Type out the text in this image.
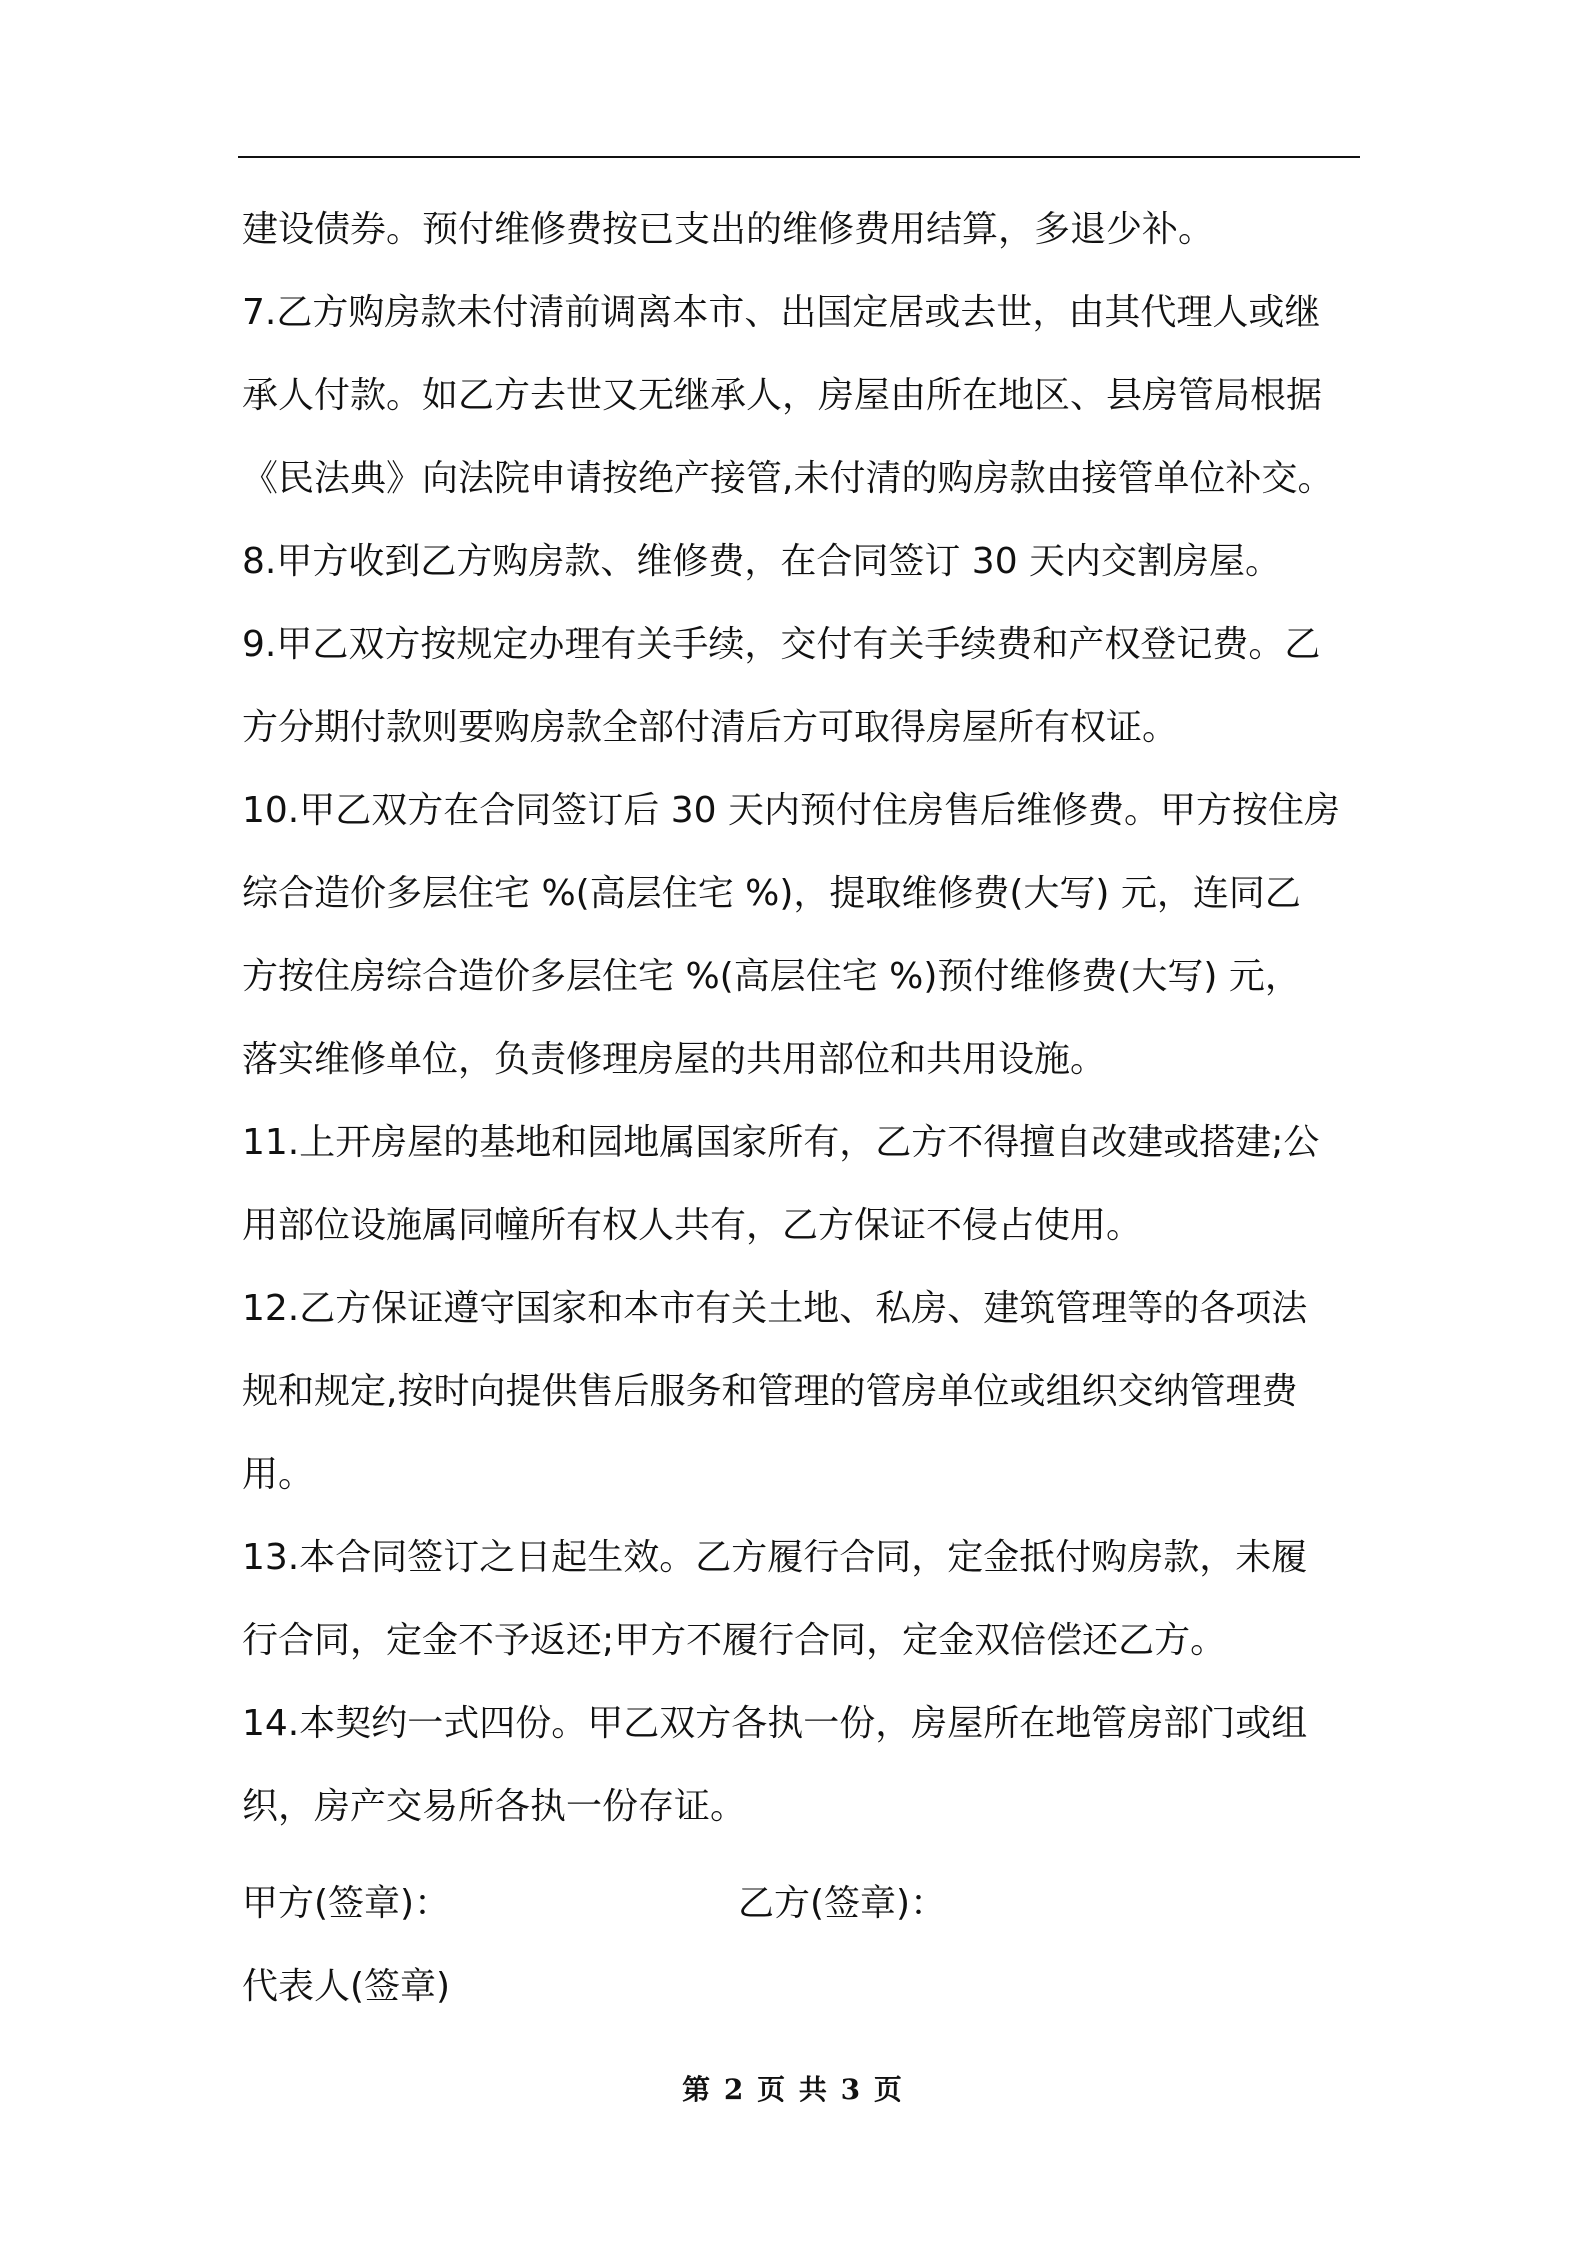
建设债券。预付维修费按已支出的维修费用结算，多退少补。
7.乙方购房款未付清前调离本市、出国定居或去世，由其代理人或继
承人付款。如乙方去世又无继承人，房屋由所在地区、县房管局根据
《民法典》向法院申请按绝产接管,未付清的购房款由接管单位补交。
8.甲方收到乙方购房款、维修费，在合同签订 30 天内交割房屋。
9.甲乙双方按规定办理有关手续，交付有关手续费和产权登记费。乙
方分期付款则要购房款全部付清后方可取得房屋所有权证。
10.甲乙双方在合同签订后 30 天内预付住房售后维修费。甲方按住房
综合造价多层住宅 %(高层住宅 %)，提取维修费(大写) 元，连同乙
方按住房综合造价多层住宅 %(高层住宅 %)预付维修费(大写) 元，
落实维修单位，负责修理房屋的共用部位和共用设施。
11.上开房屋的基地和园地属国家所有，乙方不得擅自改建或搭建;公
用部位设施属同幢所有权人共有，乙方保证不侵占使用。
12.乙方保证遵守国家和本市有关土地、私房、建筑管理等的各项法
规和规定,按时向提供售后服务和管理的管房单位或组织交纳管理费
用。
13.本合同签订之日起生效。乙方履行合同，定金抵付购房款，未履
行合同，定金不予返还;甲方不履行合同，定金双倍偿还乙方。
14.本契约一式四份。甲乙双方各执一份，房屋所在地管房部门或组
织，房产交易所各执一份存证。
甲方(签章)：	乙方(签章)：
代表人(签章)
第 2 页 共 3 页
